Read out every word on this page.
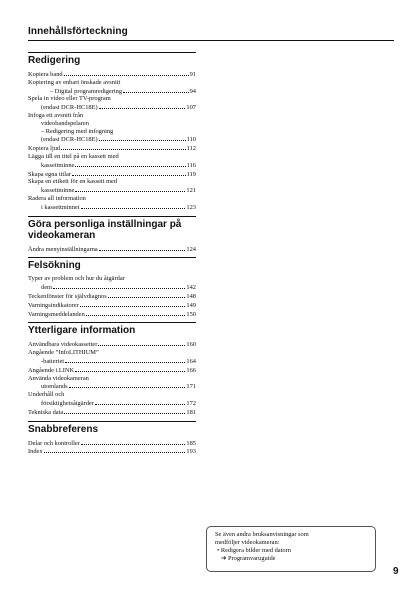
Innehållsförteckning
Redigering
Kopiera band	91
Kopiering av enbart önskade avsnitt
– Digital programredigering	94
Spela in video eller TV-program
(endast DCR-HC18E)	107
Infoga ett avsnitt från
videobandspelaren
– Redigering med infogning
(endast DCR-HC18E)	110
Kopiera ljud	112
Lägga till en titel på en kassett med
kassettminne	116
Skapa egna titlar	119
Skapa en etikett för en kassett med
kassettminne	121
Radera all information
i kassettminnet	123
Göra personliga inställningar på videokameran
Ändra menyinställningarna	124
Felsökning
Typer av problem och hur du åtgärdar
dem	142
Teckenfönster för självdiagnos	148
Varningsindikatorer	149
Varningsmeddelanden	150
Ytterligare information
Användbara videokassetter	160
Angående ”InfoLITHIUM”
-batteriet	164
Angående i.LINK	166
Använda videokameran
utomlands	171
Underhåll och
försiktighetsåtgärder	172
Tekniska data	181
Snabbreferens
Delar och kontroller	185
Index	193
Se även andra bruksanvisningar som
medföljer videokameran:
• Redigera bilder med datorn
➔ Programvaruguide
9
